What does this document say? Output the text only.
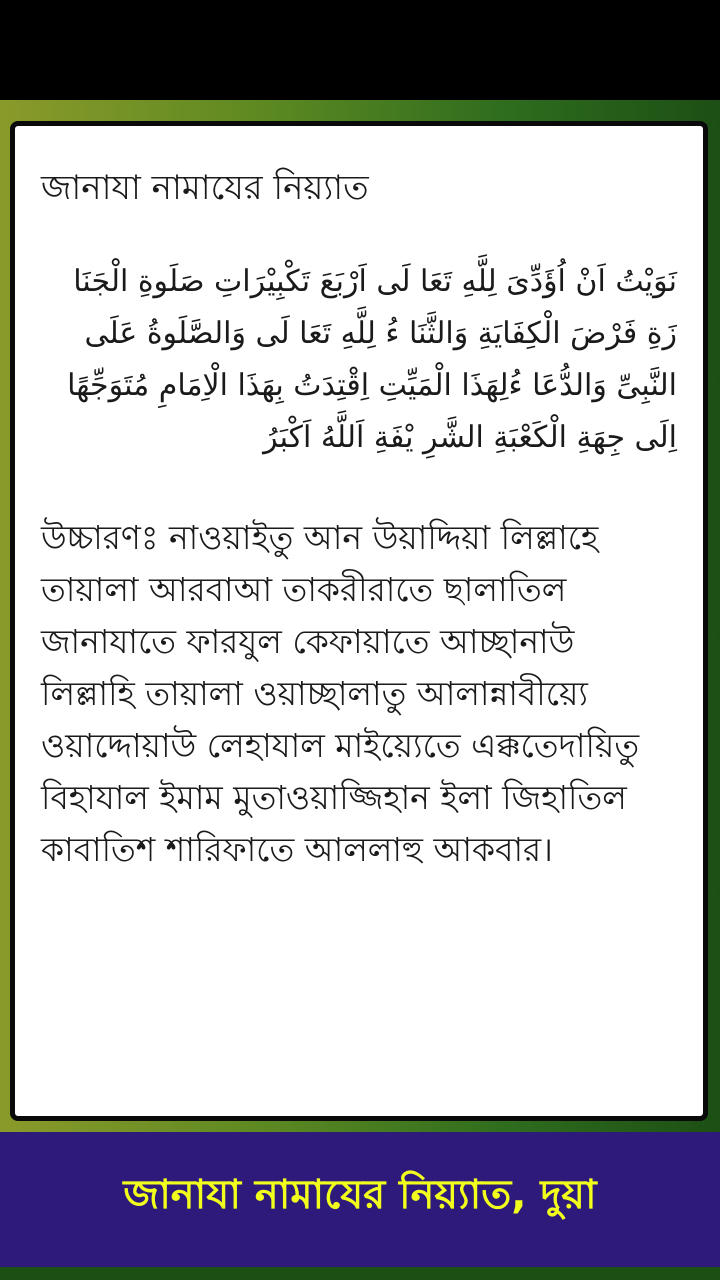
জানাযা নামাযের নিয়্যাত
نَوَيْتُ اَنْ اُؤَدِّىَ لِلَّهِ تَعَا لَى اَرْبَعَ تَكْبِيْرَاتِ صَلَوةِ الْجَنَا زَةِ فَرْضَ الْكِفَايَةِ وَالثَّنَا ءُ لِلَّهِ تَعَا لَى وَالصَّلَوةُ عَلَى النَّبِىِّ وَالدُّعَا ءُلِهَذَا الْمَيِّتِ اِقْتِدَتُ بِهَذَا الْاِمَامِ مُتَوَجِّهًا اِلَى جِهَةِ الْكَعْبَةِ الشَّرِ يْفَةِ اَللَّهُ اَكْبَرُ
উচ্চারণঃ নাওয়াইতু আন উয়াদ্দিয়া লিল্লাহে তায়ালা আরবাআ তাকরীরাতে ছালাতিল জানাযাতে ফারযুল কেফায়াতে আচ্ছানাউ লিল্লাহি তায়ালা ওয়াচ্ছালাতু আলান্নাবীয়্যে ওয়াদ্দোয়াউ লেহাযাল মাইয়্যেতে এক্কতেদায়িতু বিহাযাল ইমাম মুতাওয়াজ্জিহান ইলা জিহাতিল কাবাতিশ শারিফাতে আললাহু আকবার।
জানাযা নামাযের নিয়্যাত, দুয়া
